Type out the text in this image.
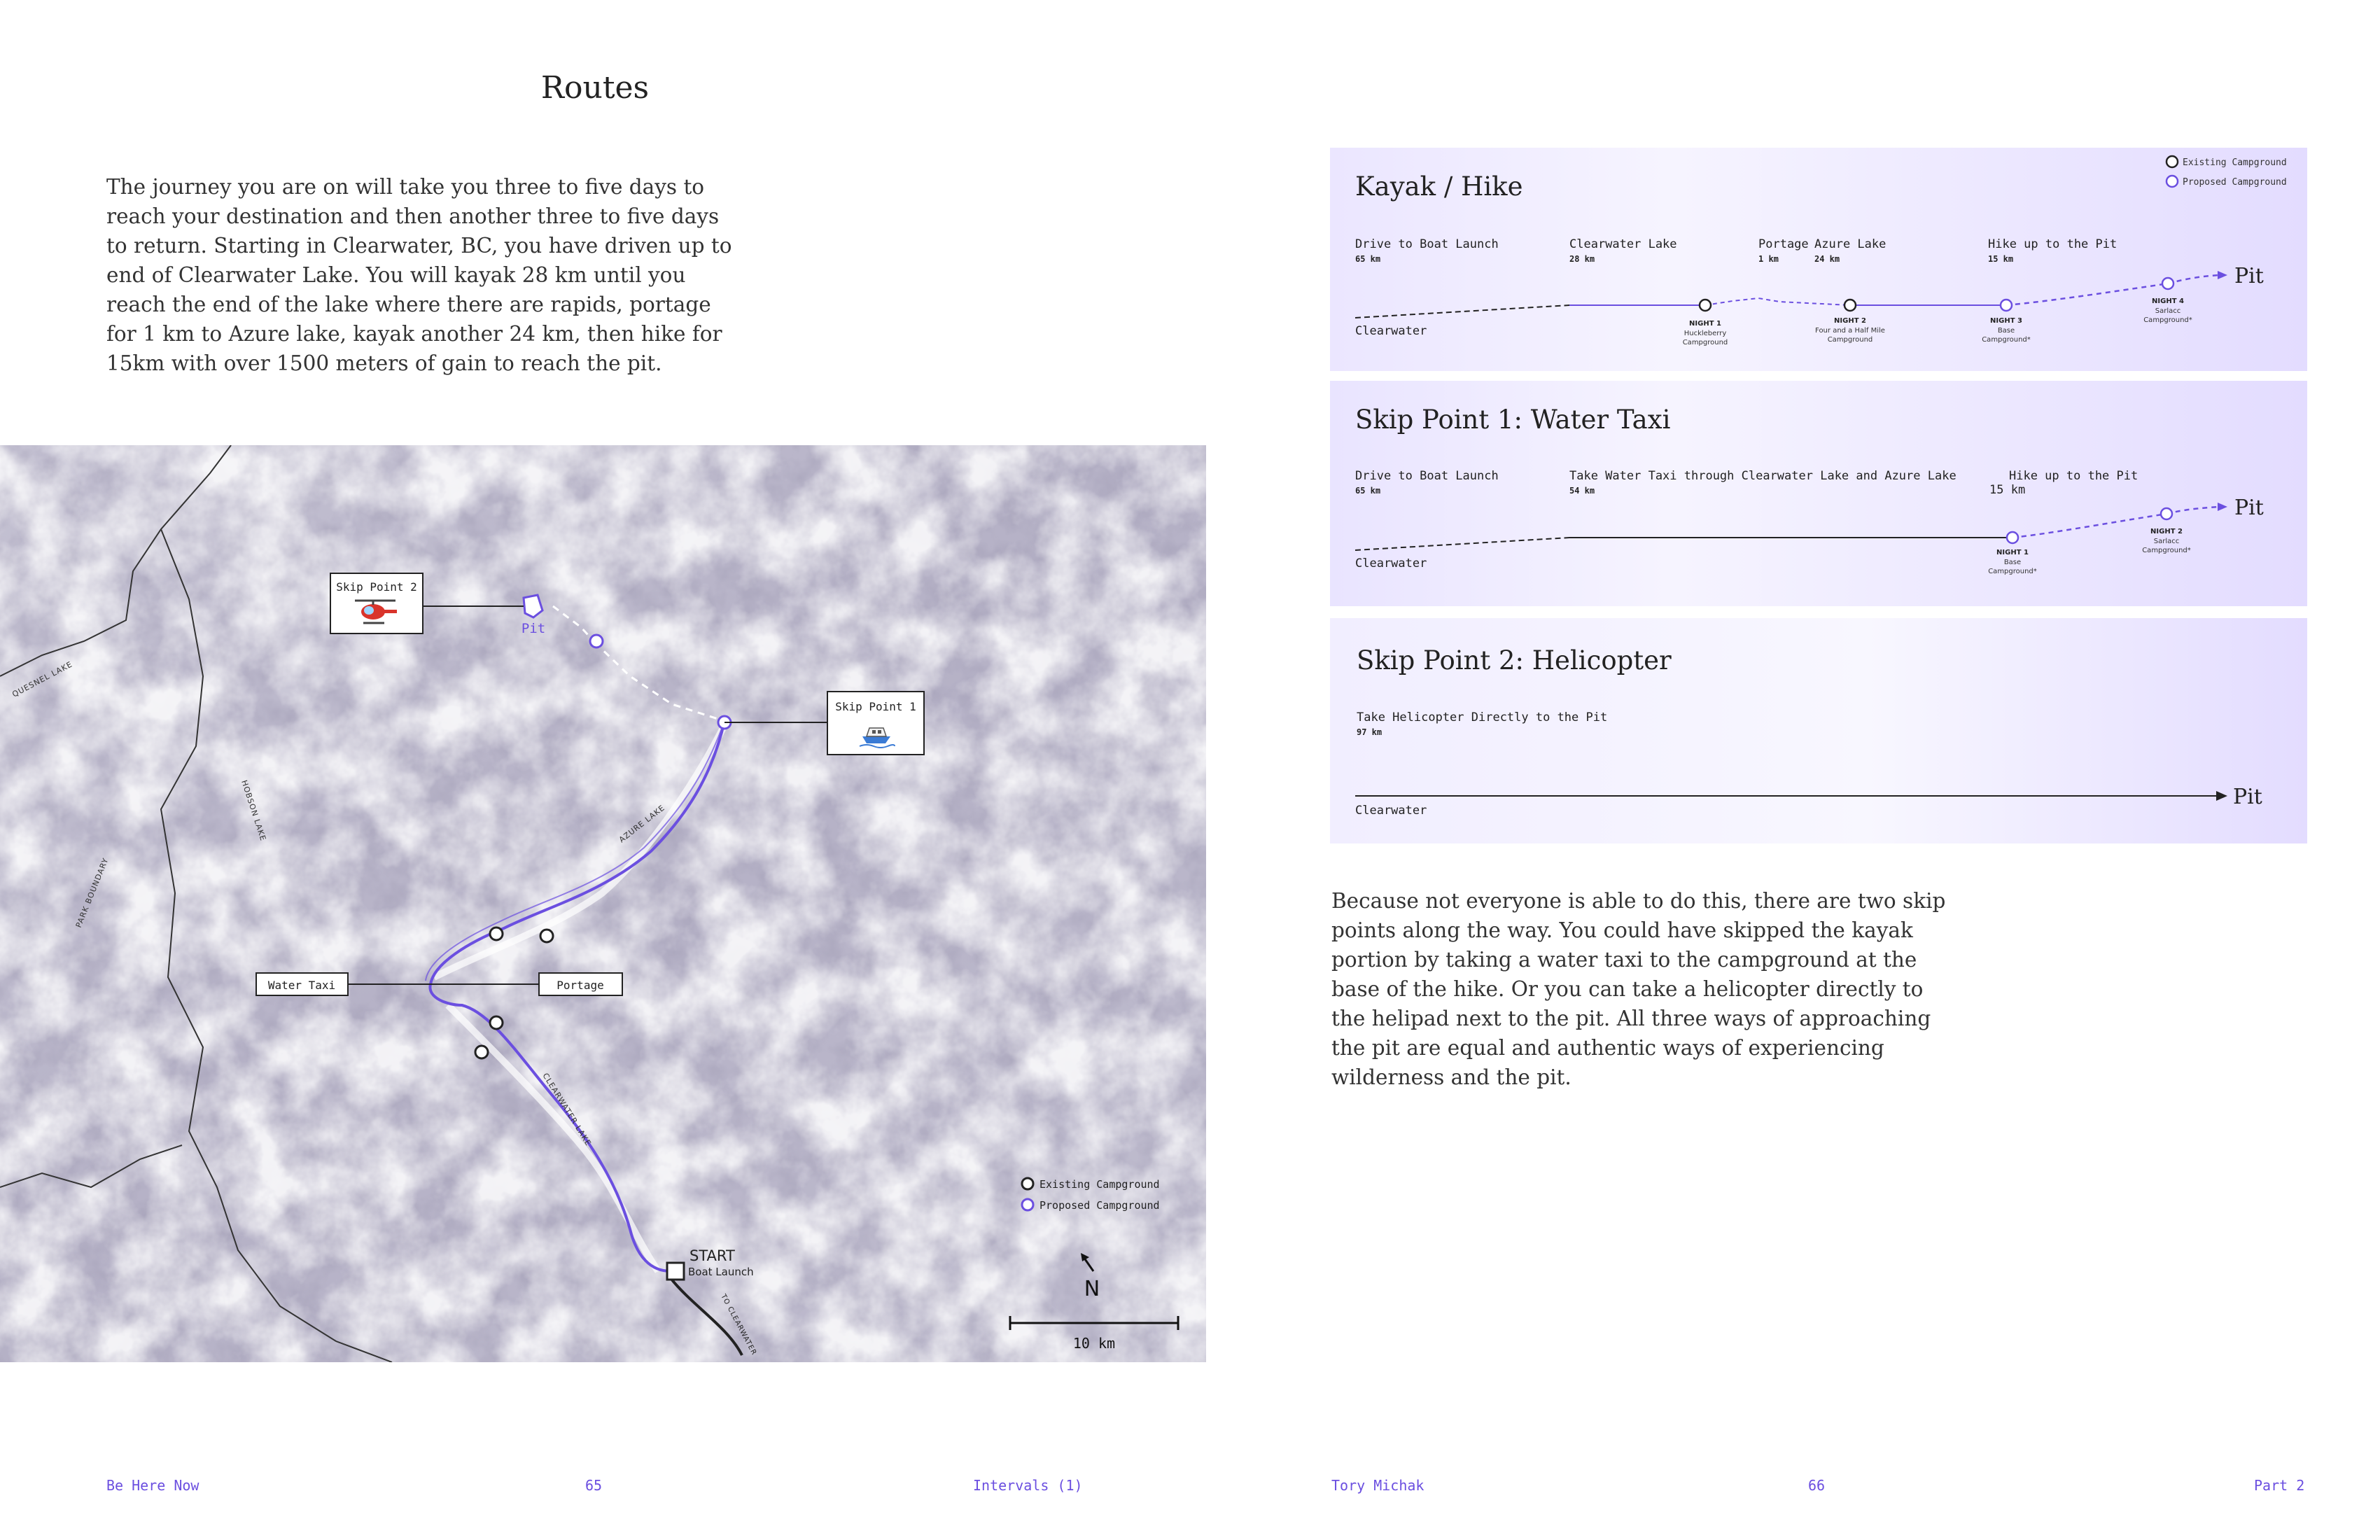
Routes
The journey you are on will take you three to five days to reach your destination and then another three to five days to return. Starting in Clearwater, BC, you have driven up to end of Clearwater Lake. You will kayak 28 km until you reach the end of the lake where there are rapids, portage for 1 km to Azure lake, kayak another 24 km, then hike for 15km with over 1500 meters of gain to reach the pit.
Pit
Skip Point 2
Skip Point 1
Water Taxi	Portage
START
Boat Launch
QUESNEL LAKE
HOBSON LAKE
PARK BOUNDARY
AZURE LAKE
CLEARWATER LAKE
TO CLEARWATER
Existing Campground
Proposed Campground
N
10 km
Kayak / Hike
Existing Campground
Proposed Campground
Drive to Boat Launch
65 km
Clearwater Lake
28 km
Portage
1 km
Azure Lake
24 km
Hike up to the Pit
15 km
Clearwater
Pit
NIGHT 1
Huckleberry
Campground
NIGHT 2
Four and a Half Mile
Campground
NIGHT 3
Base
Campground*
NIGHT 4
Sarlacc
Campground*
Skip Point 1: Water Taxi
Drive to Boat Launch
65 km
Take Water Taxi through Clearwater Lake and Azure Lake
54 km
Hike up to the Pit
15 km
Clearwater
Pit
NIGHT 1
Base
Campground*
NIGHT 2
Sarlacc
Campground*
Skip Point 2: Helicopter
Take Helicopter Directly to the Pit
97 km
Clearwater
Pit
Because not everyone is able to do this, there are two skip points along the way. You could have skipped the kayak portion by taking a water taxi to the campground at the base of the hike. Or you can take a helicopter directly to the helipad next to the pit. All three ways of approaching the pit are equal and authentic ways of experiencing wilderness and the pit.
Be Here Now	65	Intervals (1)	Tory Michak	66	Part 2
